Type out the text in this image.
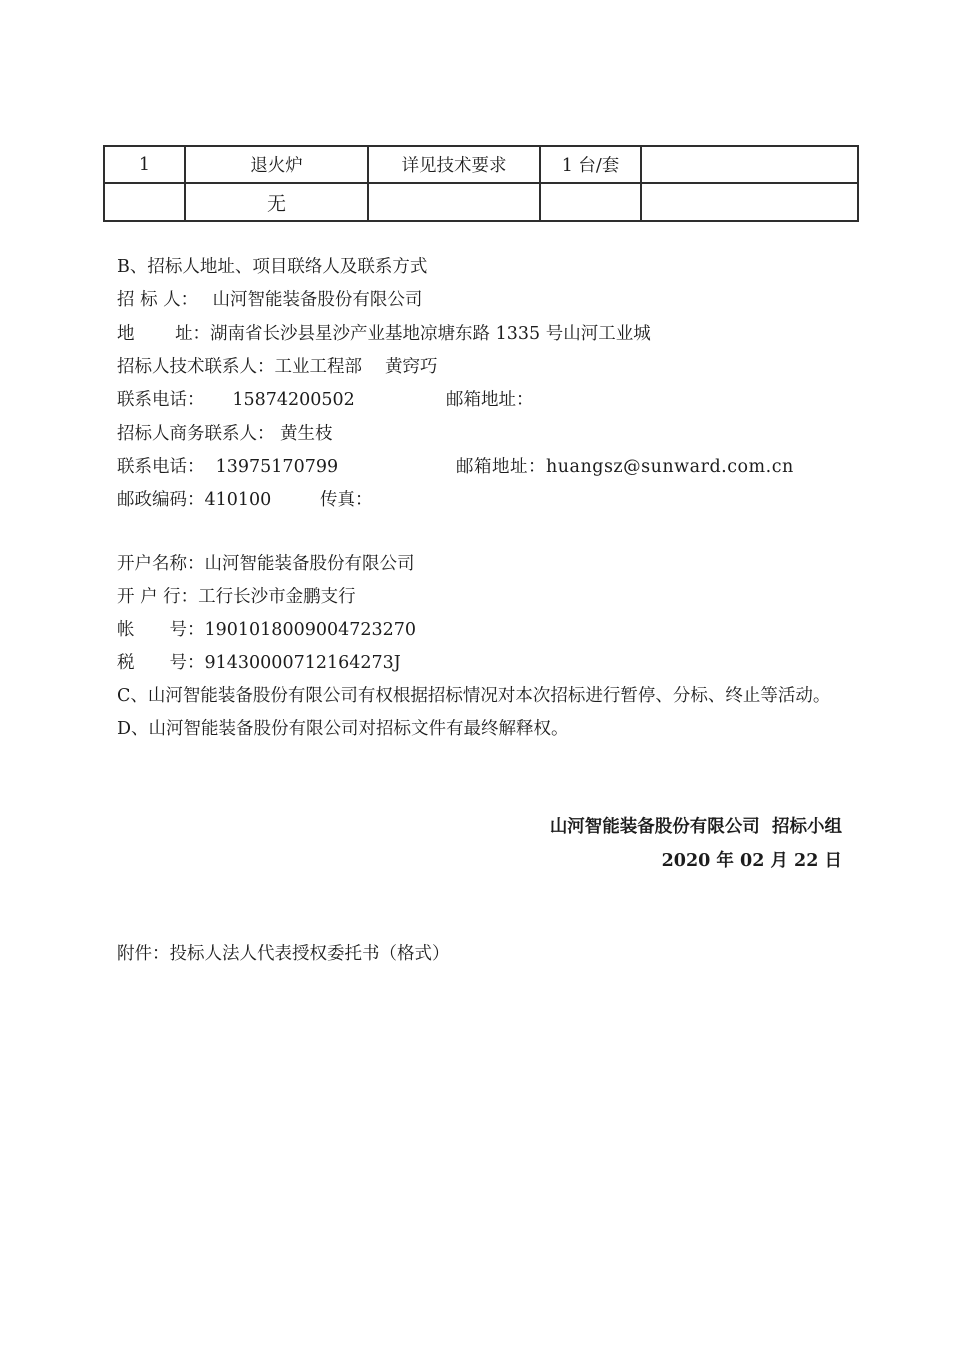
1	退火炉	详见技术要求	1 台/套	
	无			
B、招标人地址、项目联络人及联系方式
招 标 人：　 山河智能装备股份有限公司
地　　 址：湖南省长沙县星沙产业基地凉塘东路 1335 号山河工业城
招标人技术联系人：工业工程部　 黄窍巧
联系电话：     15874200502	邮箱地址：
招标人商务联系人： 黄生枝
联系电话：  13975170799	邮箱地址：huangsz@sunward.com.cn
邮政编码：410100	传真：
开户名称：山河智能装备股份有限公司
开 户 行：工行长沙市金鹏支行
帐　　号：1901018009004723270
税　　号：91430000712164273J
C、山河智能装备股份有限公司有权根据招标情况对本次招标进行暂停、分标、终止等活动。
D、山河智能装备股份有限公司对招标文件有最终解释权。
山河智能装备股份有限公司  招标小组
2020 年 02 月 22 日
附件：投标人法人代表授权委托书（格式）
